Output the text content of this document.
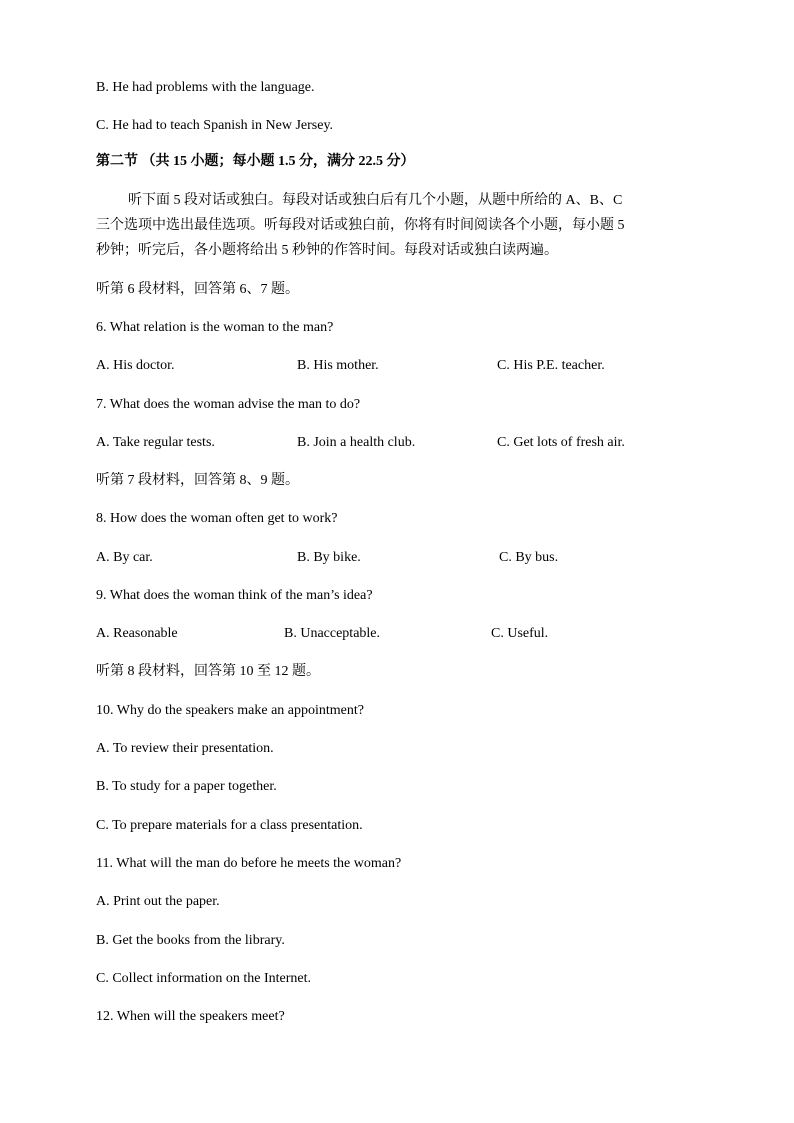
B. He had problems with the language.
C. He had to teach Spanish in New Jersey.
第二节 （共 15 小题；每小题 1.5 分，满分 22.5 分）
听下面 5 段对话或独白。每段对话或独白后有几个小题，从题中所给的 A、B、C
三个选项中选出最佳选项。听每段对话或独白前，你将有时间阅读各个小题，每小题 5
秒钟；听完后，各小题将给出 5 秒钟的作答时间。每段对话或独白读两遍。
听第 6 段材料，回答第 6、7 题。
6. What relation is the woman to the man?
A. His doctor.	B. His mother.	C. His P.E. teacher.
7. What does the woman advise the man to do?
A. Take regular tests.	B. Join a health club.	C. Get lots of fresh air.
听第 7 段材料，回答第 8、9 题。
8. How does the woman often get to work?
A. By car.	B. By bike.	C. By bus.
9. What does the woman think of the man’s idea?
A. Reasonable	B. Unacceptable.	C. Useful.
听第 8 段材料，回答第 10 至 12 题。
10. Why do the speakers make an appointment?
A. To review their presentation.
B. To study for a paper together.
C. To prepare materials for a class presentation.
11. What will the man do before he meets the woman?
A. Print out the paper.
B. Get the books from the library.
C. Collect information on the Internet.
12. When will the speakers meet?
